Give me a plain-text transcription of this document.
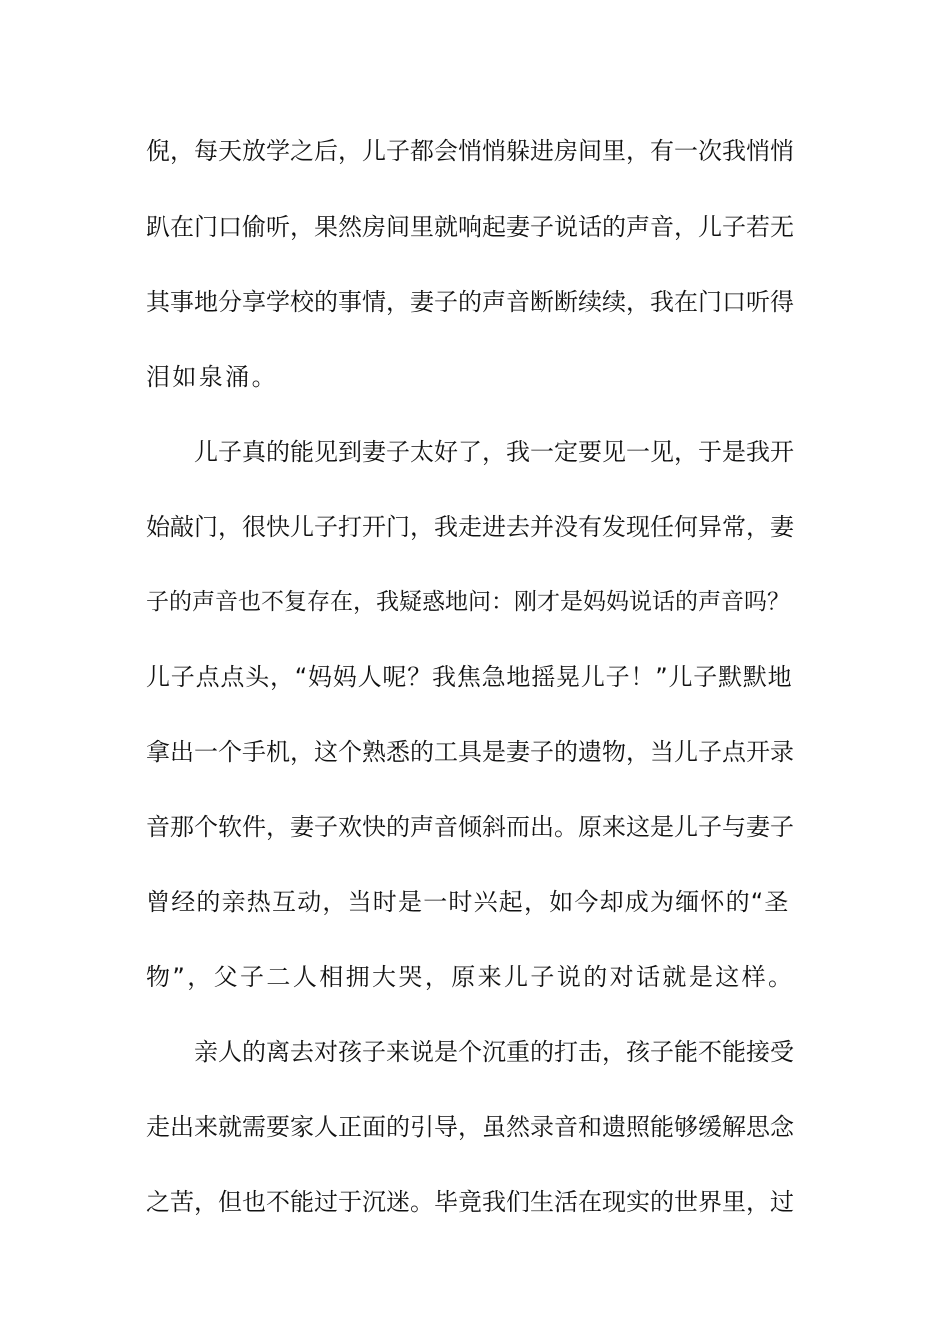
倪，每天放学之后，儿子都会悄悄躲进房间里，有一次我悄悄
趴在门口偷听，果然房间里就响起妻子说话的声音，儿子若无
其事地分享学校的事情，妻子的声音断断续续，我在门口听得
泪如泉涌。
儿子真的能见到妻子太好了，我一定要见一见，于是我开
始敲门，很快儿子打开门，我走进去并没有发现任何异常，妻
子的声音也不复存在，我疑惑地问：刚才是妈妈说话的声音吗？
儿子点点头，“妈妈人呢？我焦急地摇晃儿子！”儿子默默地
拿出一个手机，这个熟悉的工具是妻子的遗物，当儿子点开录
音那个软件，妻子欢快的声音倾斜而出。原来这是儿子与妻子
曾经的亲热互动，当时是一时兴起，如今却成为缅怀的“圣
物”，父子二人相拥大哭，原来儿子说的对话就是这样。
亲人的离去对孩子来说是个沉重的打击，孩子能不能接受
走出来就需要家人正面的引导，虽然录音和遗照能够缓解思念
之苦，但也不能过于沉迷。毕竟我们生活在现实的世界里，过
